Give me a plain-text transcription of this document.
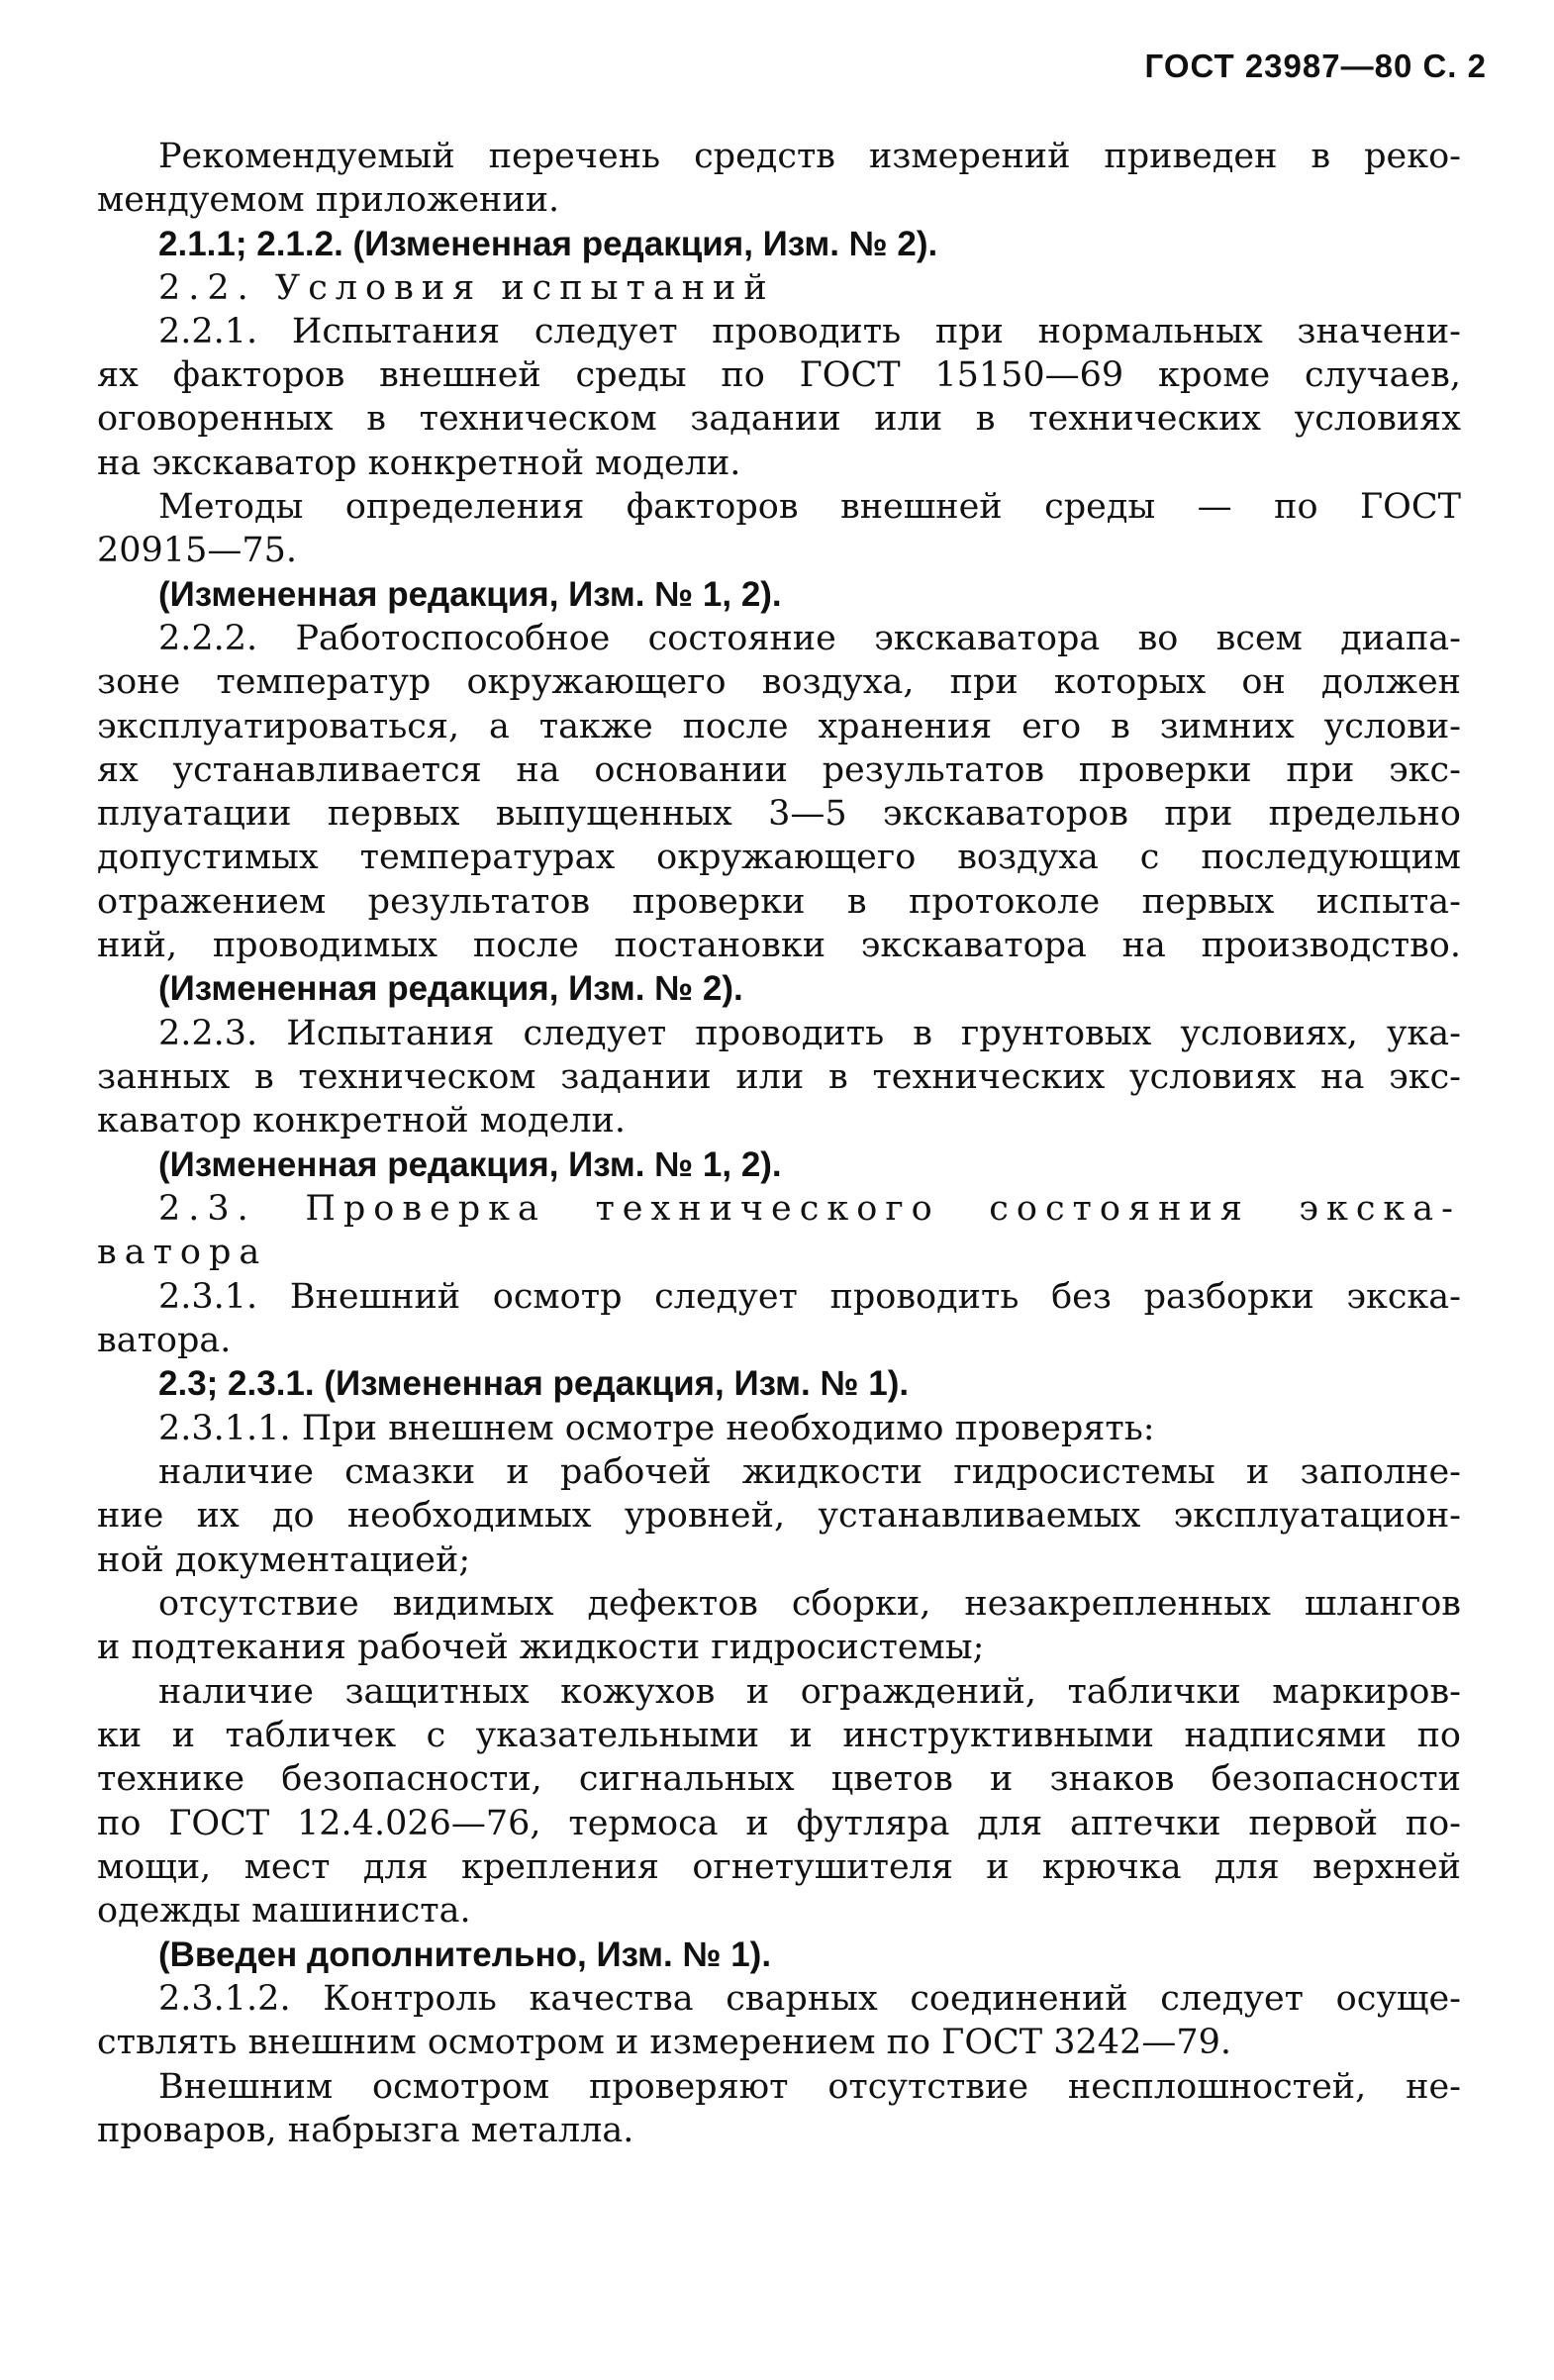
ГОСТ 23987—80 С. 2
Рекомендуемый перечень средств измерений приведен в реко-
мендуемом приложении.
2.1.1; 2.1.2. (Измененная редакция, Изм. № 2).
2.2. Условия испытаний
2.2.1. Испытания следует проводить при нормальных значени-
ях факторов внешней среды по ГОСТ 15150—69 кроме случаев,
оговоренных в техническом задании или в технических условиях
на экскаватор конкретной модели.
Методы определения факторов внешней среды — по ГОСТ
20915—75.
(Измененная редакция, Изм. № 1, 2).
2.2.2. Работоспособное состояние экскаватора во всем диапа-
зоне температур окружающего воздуха, при которых он должен
эксплуатироваться, а также после хранения его в зимних услови-
ях устанавливается на основании результатов проверки при экс-
плуатации первых выпущенных 3—5 экскаваторов при предельно
допустимых температурах окружающего воздуха с последующим
отражением результатов проверки в протоколе первых испыта-
ний, проводимых после постановки экскаватора на производство.
(Измененная редакция, Изм. № 2).
2.2.3. Испытания следует проводить в грунтовых условиях, ука-
занных в техническом задании или в технических условиях на экс-
каватор конкретной модели.
(Измененная редакция, Изм. № 1, 2).
2.3. Проверка технического состояния экска-
ватора
2.3.1. Внешний осмотр следует проводить без разборки экска-
ватора.
2.3; 2.3.1. (Измененная редакция, Изм. № 1).
2.3.1.1. При внешнем осмотре необходимо проверять:
наличие смазки и рабочей жидкости гидросистемы и заполне-
ние их до необходимых уровней, устанавливаемых эксплуатацион-
ной документацией;
отсутствие видимых дефектов сборки, незакрепленных шлангов
и подтекания рабочей жидкости гидросистемы;
наличие защитных кожухов и ограждений, таблички маркиров-
ки и табличек с указательными и инструктивными надписями по
технике безопасности, сигнальных цветов и знаков безопасности
по ГОСТ 12.4.026—76, термоса и футляра для аптечки первой по-
мощи, мест для крепления огнетушителя и крючка для верхней
одежды машиниста.
(Введен дополнительно, Изм. № 1).
2.3.1.2. Контроль качества сварных соединений следует осуще-
ствлять внешним осмотром и измерением по ГОСТ 3242—79.
Внешним осмотром проверяют отсутствие несплошностей, не-
проваров, набрызга металла.
